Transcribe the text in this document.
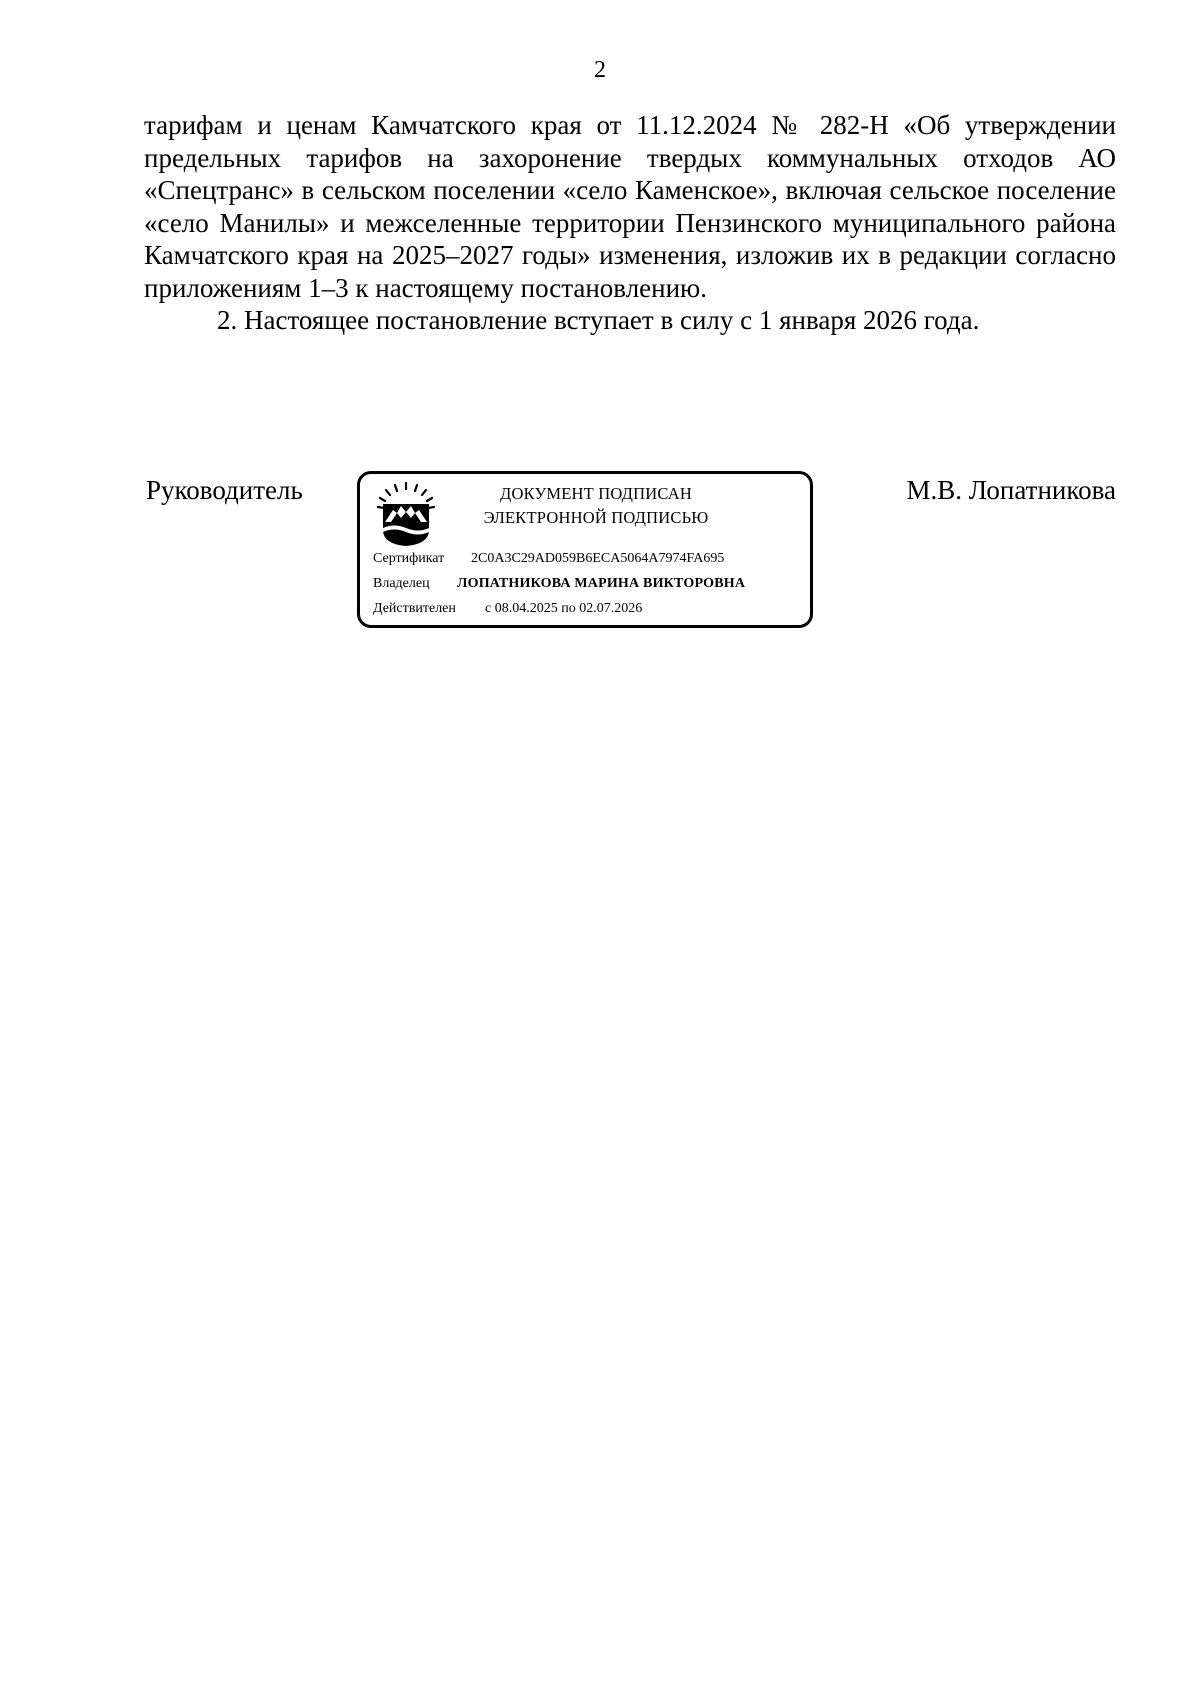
2

тарифам и ценам Камчатского края от 11.12.2024 № 282-Н «Об утверждении предельных тарифов на захоронение твердых коммунальных отходов АО «Спецтранс» в сельском поселении «село Каменское», включая сельское поселение «село Манилы» и межселенные территории Пензинского муниципального района Камчатского края на 2025–2027 годы» изменения, изложив их в редакции согласно приложениям 1–3 к настоящему постановлению.

2. Настоящее постановление вступает в силу с 1 января 2026 года.

Руководитель	ДОКУМЕНТ ПОДПИСАН
ЭЛЕКТРОННОЙ ПОДПИСЬЮ
Сертификат 2C0A3C29AD059B6ECA5064A7974FA695
Владелец ЛОПАТНИКОВА МАРИНА ВИКТОРОВНА
Действителен с 08.04.2025 по 02.07.2026
М.В. Лопатникова
